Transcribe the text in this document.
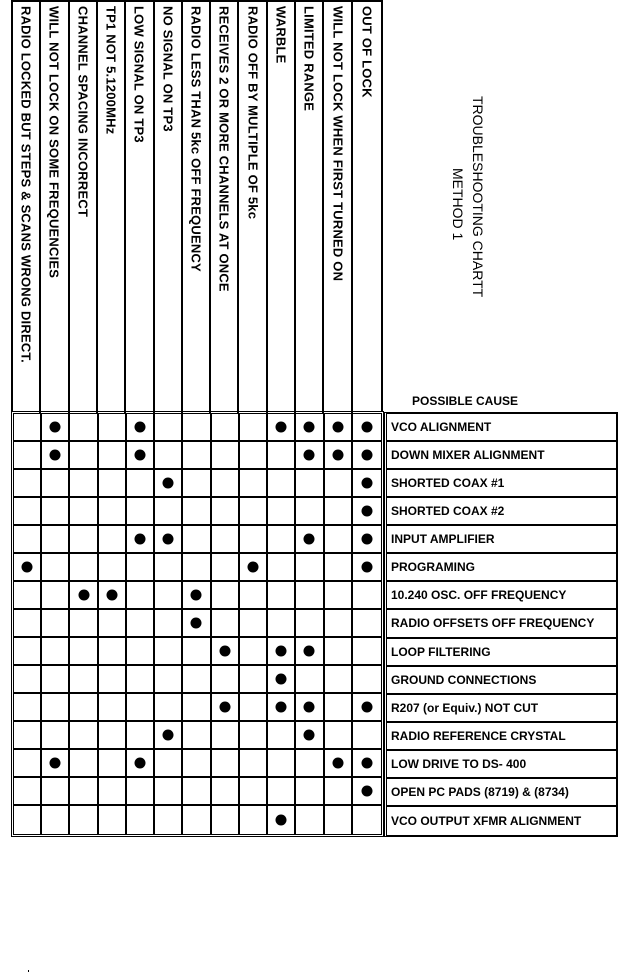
RADIO LOCKED BUT STEPS & SCANS WRONG DIRECT. WILL NOT LOCK ON SOME FREQUENCIES CHANNEL SPACING INCORRECT TP1 NOT 5.1200MHz LOW SIGNAL ON TP3 NO SIGNAL ON TP3 RADIO LESS THAN 5kc OFF FREQUENCY RECEIVES 2 OR MORE CHANNELS AT ONCE RADIO OFF BY MULTIPLE OF 5kc WARBLE LIMITED RANGE WILL NOT LOCK WHEN FIRST TURNED ON OUT OF LOCK
TROUBLESHOOTING CHARTT
METHOD 1
POSSIBLE CAUSE
VCO ALIGNMENT
DOWN MIXER ALIGNMENT
SHORTED COAX #1
SHORTED COAX #2
INPUT AMPLIFIER
PROGRAMING
10.240 OSC. OFF FREQUENCY
RADIO OFFSETS OFF FREQUENCY
LOOP FILTERING
GROUND CONNECTIONS
R207 (or Equiv.) NOT CUT
RADIO REFERENCE CRYSTAL
LOW DRIVE TO DS- 400
OPEN PC PADS (8719) & (8734)
VCO OUTPUT XFMR ALIGNMENT
